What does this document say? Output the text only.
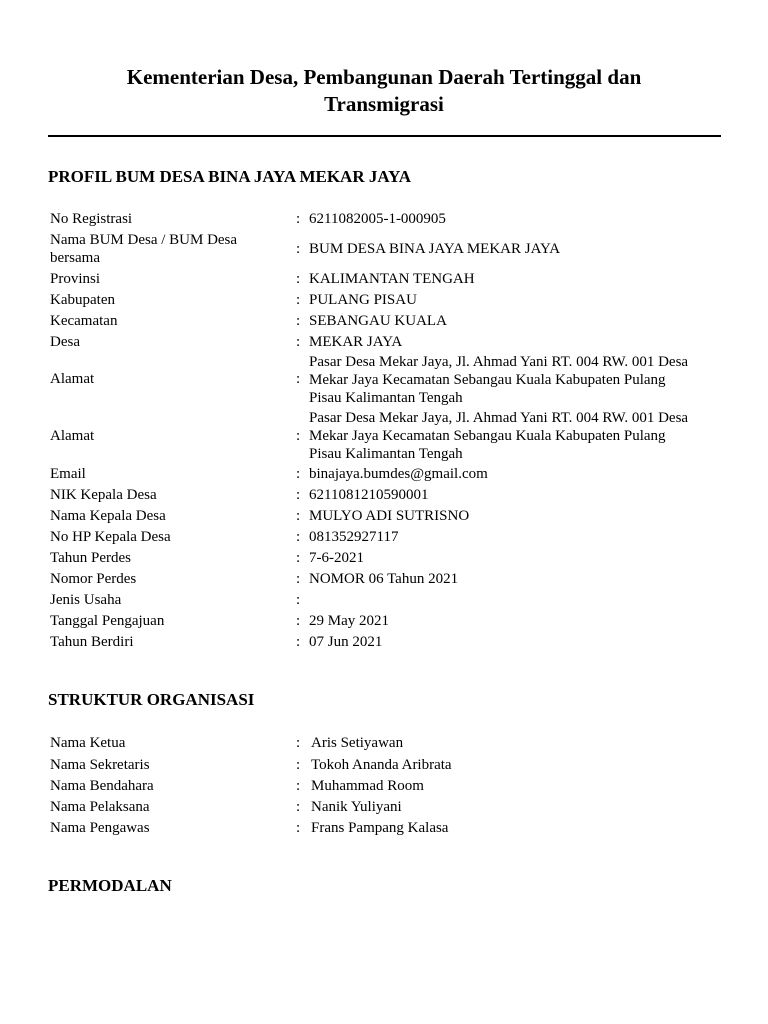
Kementerian Desa, Pembangunan Daerah Tertinggal dan
Transmigrasi
PROFIL BUM DESA BINA JAYA MEKAR JAYA
No Registrasi	: 6211082005-1-000905
Nama BUM Desa / BUM Desa
bersama
: BUM DESA BINA JAYA MEKAR JAYA
Provinsi	: KALIMANTAN TENGAH
Kabupaten	: PULANG PISAU
Kecamatan	: SEBANGAU KUALA
Desa	: MEKAR JAYA
Alamat	:
Pasar Desa Mekar Jaya, Jl. Ahmad Yani RT. 004 RW. 001 Desa
Mekar Jaya Kecamatan Sebangau Kuala Kabupaten Pulang
Pisau Kalimantan Tengah
Alamat	:
Pasar Desa Mekar Jaya, Jl. Ahmad Yani RT. 004 RW. 001 Desa
Mekar Jaya Kecamatan Sebangau Kuala Kabupaten Pulang
Pisau Kalimantan Tengah
Email	: binajaya.bumdes@gmail.com
NIK Kepala Desa	: 6211081210590001
Nama Kepala Desa	: MULYO ADI SUTRISNO
No HP Kepala Desa	: 081352927117
Tahun Perdes	: 7-6-2021
Nomor Perdes	: NOMOR 06 Tahun 2021
Jenis Usaha	:
Tanggal Pengajuan	: 29 May 2021
Tahun Berdiri	: 07 Jun 2021
STRUKTUR ORGANISASI
Nama Ketua	: Aris Setiyawan
Nama Sekretaris	: Tokoh Ananda Aribrata
Nama Bendahara	: Muhammad Room
Nama Pelaksana	: Nanik Yuliyani
Nama Pengawas	: Frans Pampang Kalasa
PERMODALAN
